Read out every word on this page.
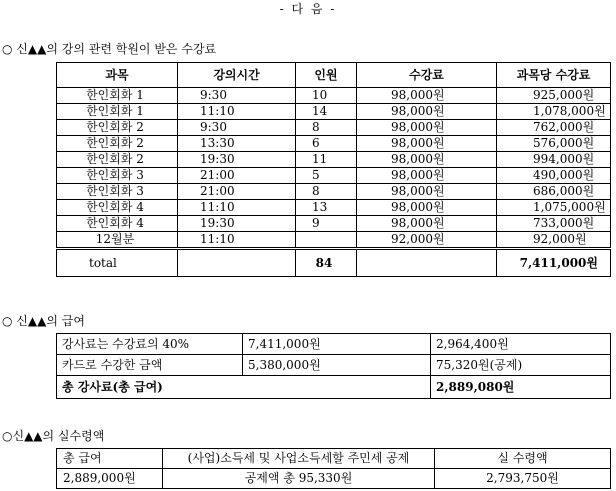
- 다 음 -
○ 신▲▲의 강의 관련 학원이 받은 수강료
과목	강의시간	인원	수강료	과목당 수강료
한인회화 1	9:30	10	98,000원	925,000원
한인회화 1	11:10	14	98,000원	1,078,000원
한인회화 2	9:30	8	98,000원	762,000원
한인회화 2	13:30	6	98,000원	576,000원
한인회화 2	19:30	11	98,000원	994,000원
한인회화 3	21:00	5	98,000원	490,000원
한인회화 3	21:00	8	98,000원	686,000원
한인회화 4	11:10	13	98,000원	1,075,000원
한인회화 4	19:30	9	98,000원	733,000원
12월분	11:10		92,000원	92,000원
total		84		7,411,000원
○ 신▲▲의 급여
강사료는 수강료의 40%	7,411,000원	2,964,400원
카드로 수강한 금액	5,380,000원	75,320원(공제)
총 강사료(총 급여)		2,889,080원
○신▲▲의 실수령액
총 급여	(사업)소득세 및 사업소득세할 주민세 공제	실 수령액
2,889,000원	공제액 총 95,330원	2,793,750원
